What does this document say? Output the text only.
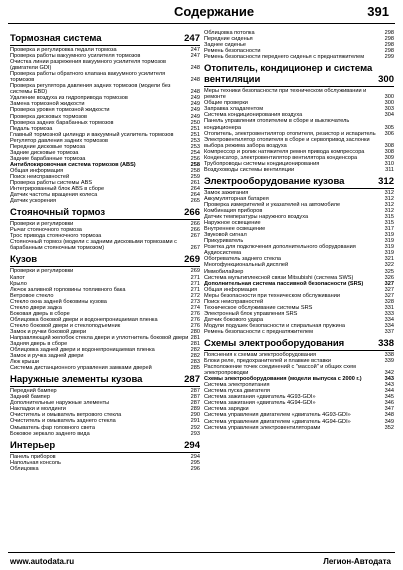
Содержание	391
Тормозная система	247
Проверка и регулировка педали тормоза	247
Проверка работы вакуумного усилителя тормозов	247
Очистка линии разрежения вакуумного усилителя тормозов (двигатели GDI)	248
Проверка работы обратного клапана вакуумного усилителя тормозов	248
Проверка регулятора давления задних тормозов (модели без системы EBD)	248
Удаление воздуха из гидропривода тормозов	249
Замена тормозной жидкости	249
Проверка уровня тормозной жидкости	249
Проверка дисковых тормозов	249
Проверка задних барабанных тормозов	250
Педаль тормоза	251
Главный тормозной цилиндр и вакуумный усилитель тормозов	251
Регулятор давления задних тормозов	253
Передние дисковые тормоза	253
Задние дисковые тормоза	254
Задние барабанные тормоза	256
Антиблокировочная система тормозов (ABS)	258
Общая информация	258
Поиск неисправностей	259
Проверка работы системы ABS	261
Интегрированный блок ABS в сборе	264
Датчик частоты вращения колеса	264
Датчик ускорения	265
Стояночный тормоз	266
Проверки и регулировки	266
Рычаг стояночного тормоза	266
Трос привода стояночного тормоза	267
Стояночный тормоз (модели с задними дисковыми тормозами с барабанным стояночным тормозом)	267
Кузов	269
Проверки и регулировки	269
Капот	271
Крыло	271
Лючок заливной горловины топливного бака	271
Ветровое стекло	272
Стекло окна задней боковины кузова	273
Стекло двери задка	274
Боковая дверь в сборе	276
Облицовка боковой двери и водонепроницаемая пленка	276
Стекло боковой двери и стеклоподъемник	276
Замок и ручки боковой двери	280
Направляющий желобок стекла двери и уплотнитель боковой двери 281
Задняя дверь в сборе	281
Облицовка задней двери и водонепроницаемая пленка	282
Замок и ручка задней двери	282
Люк крыши	283
Система дистанционного управления замками дверей	285
Наружные элементы кузова	287
Передний бампер	287
Задний бампер	287
Дополнительные наружные элементы	287
Накладки и молдинги	289
Очиститель и омыватель ветрового стекла	290
Очиститель и омыватель заднего стекла	291
Омыватель фар головного света	292
Боковое зеркало заднего вида	293
Интерьер	294
Панель приборов	294
Напольная консоль	295
Облицовка	296
Облицовка потолка	298
Передние сиденья	298
Заднее сиденье	298
Ремень безопасности	298
Ремень безопасности переднего сиденья с преднатяжителем	299
Отопитель, кондиционер и система вентиляции	300
Меры техники безопасности при техническом обслуживании и ремонте	300
Общие проверки	300
Заправка хладагентом	303
Система кондиционирования воздуха	304
Панель управления отопителем в сборе и выключатель кондиционера	305
Отопитель, электровентилятор отопителя, резистор и испаритель	306
Электровентилятор отопителя в сборе и сервопривод заслонки выбора режима забора воздуха	308
Компрессор и ролик натяжителя ремня привода компрессора	308
Конденсатор, электровентилятор вентилятора конденсора	309
Трубопроводы системы кондиционирования	310
Воздуховоды системы вентиляции	311
Электрооборудование кузова	312
Замок зажигания	312
Аккумуляторная батарея	312
Проверка измерителей и указателей на автомобиле	312
Комбинация приборов	312
Датчик температуры наружного воздуха	315
Наружное освещение	315
Внутреннее освещение	317
Звуковой сигнал	319
Прикуриватель	319
Розетка для подключения дополнительного оборудования	319
Аудиосистема	319
Обогреватель заднего стекла	321
Многофункциональный дисплей	322
Иммобилайзер	325
Система мультиплексной связи Mitsubishi (система SWS)	326
Дополнительная система пассивной безопасности (SRS)	327
Общая информация	327
Меры безопасности при техническом обслуживании	327
Поиск неисправностей	328
Техническое обслуживание системы SRS	331
Электронный блок управления SRS	333
Датчик бокового удара	334
Модули подушек безопасности и спиральная пружина	334
Ремень безопасности с преднатяжителем	337
Схемы электрооборудования	338
Пояснения к схемам электрооборудования	338
Блоки реле, предохранителей и плавкие вставки	339
Расположение точек соединений с "массой" и общих схем электропроводки	342
Схемы электрооборудования (модели выпуска с 2000 г.)	343
Система электропитания	343
Система пуска двигателя	344
Система зажигания «двигатель 4G93-GDI»	345
Система зажигания «двигатель 4G94-GDI»	346
Система зарядки	347
Система управления двигателем «двигатель 4G93-GDI»	348
Система управления двигателем «двигатель 4G94-GDI»	349
Система управления электровентиляторами	352
www.autodata.ru	Легион-Автодата
